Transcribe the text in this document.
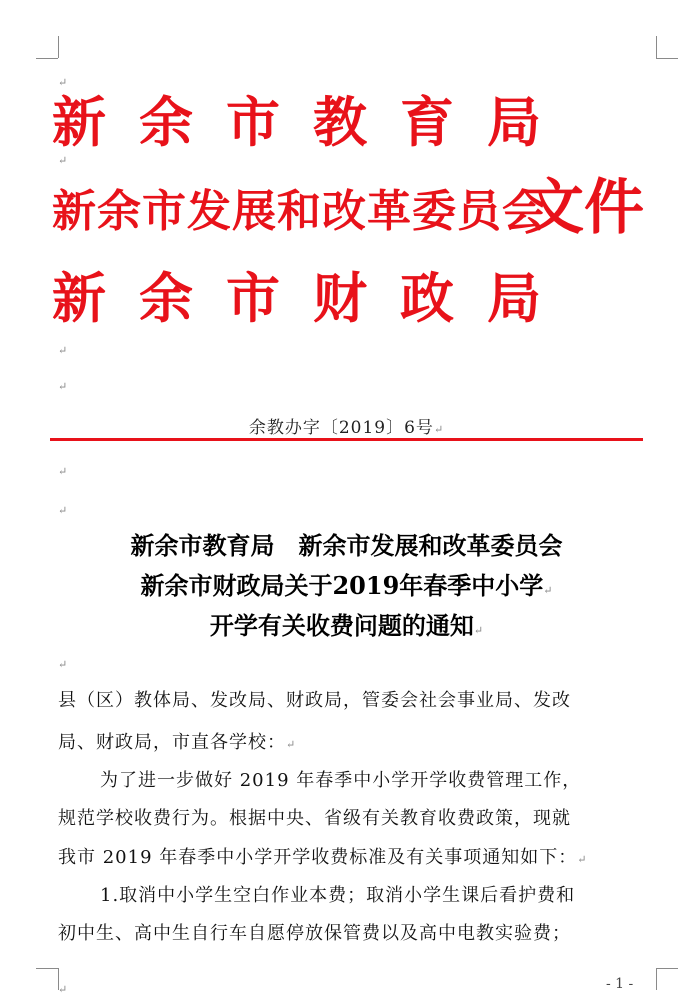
↵
↵
↵
↵
↵
↵
↵
↵
新余市教育局
新余市发展和改革委员会
文件
新余市财政局
余教办字〔2019〕6号↵
新余市教育局　新余市发展和改革委员会
新余市财政局关于2019年春季中小学↵
开学有关收费问题的通知↵
县（区）教体局、发改局、财政局，管委会社会事业局、发改
局、财政局，市直各学校：↵
为了进一步做好 2019 年春季中小学开学收费管理工作，
规范学校收费行为。根据中央、省级有关教育收费政策，现就
我市 2019 年春季中小学开学收费标准及有关事项通知如下：↵
1.取消中小学生空白作业本费；取消小学生课后看护费和
初中生、高中生自行车自愿停放保管费以及高中电教实验费；
- 1 -
